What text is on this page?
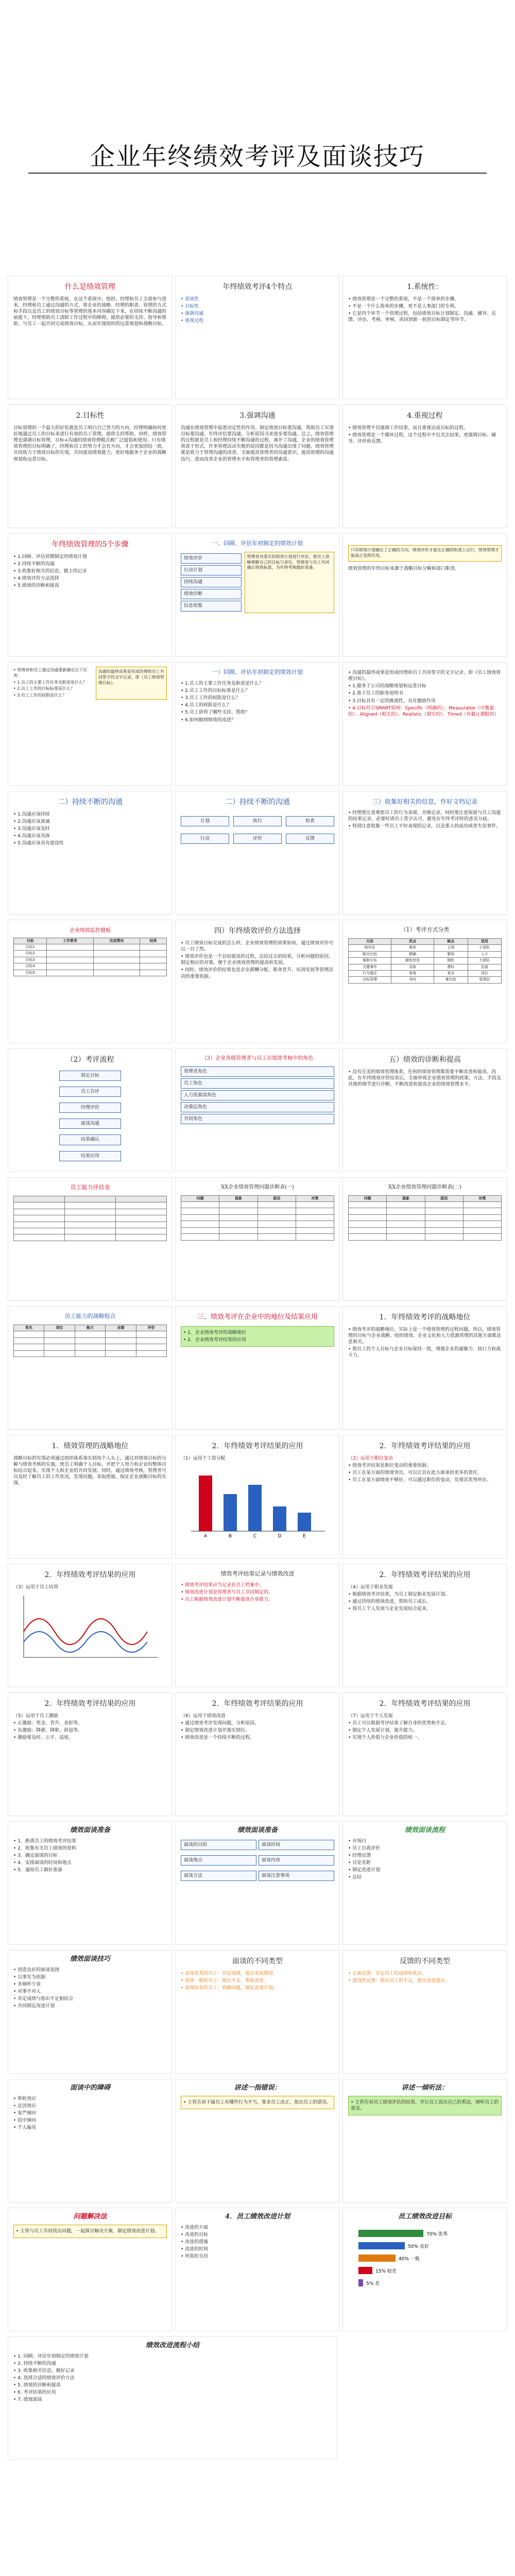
企业年终绩效考评及面谈技巧
什么是绩效管理
绩效管理是一个完整的系统，在这个系统中，组织、经理和员工全部参与进来，经理和员工通过沟通的方式，将企业的战略、经理的职责、管理的方式和手段以及员工的绩效目标等管理的基本内容确定下来，在持续不断沟通的前提下，经理帮助员工清除工作过程中的障碍，提供必要的支持、指导和帮助，与员工一起共同完成绩效目标，从而实现组织的远景规划和战略目标。
年终绩效考评4个特点
• 系统性
• 目标性
• 强调沟通
• 重视过程
1.系统性：
• 绩效管理是一个完整的系统，不是一个简单的步骤。
• 不是一个什么简单的步骤，更不是人事部门的专利。
• 它是四个环节一个管理过程，包括绩效目标计划制定、沟通、辅导、反馈、评估、考核、审核、再回到新一轮的目标制定等环节。
2.目标性
目标管理的一个最大的好处就是员工明白自己努力的方向，经理明确如何更好地通过员工的目标来进行有效的员工管理，提供支持帮助。同样，绩效管理也强调目标管理，目标+沟通的绩效管理模式被广泛提倡和使用。只有绩效管理的目标明确了，经理和员工的努力才会有方向，才会更加团结一致，共同致力于绩效目标的实现，共同提高绩效能力，更好地服务于企业的战略规划和远景目标。
3.强调沟通
沟通在绩效管理中起着决定性的作用。制定绩效目标要沟通，帮助员工实现目标要沟通，年终评估要沟通，分析原因寻求进步要沟通。总之，绩效管理的过程就是员工和经理持续不断沟通的过程。离开了沟通，企业的绩效管理将流于形式。许多管理活动失败的原因都是因为沟通出现了问题。绩效管理就是致力于管理沟通的改善，全面提高管理者的沟通意识，提高管理的沟通技巧，进而改善企业的管理水平和管理者的管理素质。
4.重视过程
• 绩效管理不仅强调工作结果，而且重视达成目标的过程。
• 绩效管理是一个循环过程，这个过程中不仅关注结果，更强调目标、辅导、评价和反馈。
年终绩效管理的5个步骤
• 1.回顾、评估初期制定的绩效计划
• 2.持续不断的沟通
• 3.收集好相关的信息、做主的记录
• 4.绩效评价方法选择
• 5.绩效的诊断和提高
一、回顾、评估年初制定的绩效计划
绩效评价
行动计划
持续沟通
绩效诊断
信息收集
管理者对落实的绩效计划进行评估，使员工清晰理解自己的目标与责任，管理者与员工共同确认绩效标准，为年终考核做好准备。
只有绩效计划确定了正确的方向，绩效评价才能在正确的轨道上运行，绩效管理才能真正发挥作用。
绩效管理的年终目标来源于战略目标分解和部门职责。
• 管理者和员工通过沟通重新确定以下任务：
• 1.员工的主要工作任务及职责是什么？
• 2.员工工作的目标标准是什么？
• 3.员工工作的权限是什么？
沟通的最终成果是形成经理和员工共同签字的文字记录，即《员工绩效管理目标》。
一）回顾、评估年初制定的绩效计划
• 1.员工的主要工作任务及职责是什么？
• 2.员工工作的目标标准是什么？
• 3.员工工作的权限是什么？
• 4.员工的权限是什么？
• 5.员工获得了哪些支持、帮助？
• 6.如何做到绩效的改进？
• 沟通的最终成果是形成经理和员工共同签字的文字记录，即《员工绩效管理目标》。
• 1.服务于公司的战略规划和远景目标
• 2.基于员工的职务说明书
• 3.目标具有一定的挑战性，具有激励作用
• 4.目标符合SMART原则：Specific（明确的）、Measurable（可衡量的）、Aligned（相关的）、Realistic（现实的）、Timed（有截止期限的）
二）持续不断的沟通
• 1.沟通应该持续
• 2.沟通应该真诚
• 3.沟通应该及时
• 4.沟通应该具体
• 5.沟通应该具有建设性
二）持续不断的沟通
计划	执行	检查
行动	评价	反馈
三）收集好相关的信息，作好文档记录
• 经理要注意观察员工的行为表现，并做记录，同时要注意保留与员工沟通的结果记录，必要时请员工签字认可，避免在年终考评时的意见分歧。
• 特别注意收集一些员工平时表现的记录，以及重大的成功或者失误事件。
企业绩效监控模板
目标	工作要求	完成情况	结果
目标1			
目标2			
目标3			
目标4			
目标5			
四）年终绩效评价方法选择
• 员工绩效目标完成的怎么样，企业绩效管理的效果如何，通过绩效评价可以一目了然。
• 绩效评价也是一个总结提高的过程，总结过去的结果，分析问题的原因，制定相应的对策，便于企业绩效管理的提高和发展。
• 同时，绩效评价的结果也是企业薪酬分配、职务晋升、培训发展等管理活动的重要依据。
（1）考评方式分类
方法	优点	缺点	适用
排序法	简单	主观	小团队
配对比较	精确	繁琐	人少
强制分布	避免宽容	刚性	大团队
关键事件	具体	费时	发展
行为锚定	客观	复杂	岗位
目标管理	导向	难比较	管理层
（2）考评流程
制定目标
员工自评
经理评价
面谈沟通
结果确认
结果应用
（3）企业各级管理者与员工在绩效考核中的角色
管理者角色
员工角色
人力资源部角色
决策层角色
共同角色
五）绩效的诊断和提高
• 没有完美的绩效管理体系，任何的绩效管理都需要不断改善和提高。因此，在年终绩效评价结束后，全面审视企业绩效管理的政策、方法、手段及其他的细节进行诊断，不断改进和提高企业的绩效管理水平。
员工能力评估表

			XX企业绩效管理问题诊断表(一)
问题	现象	原因	对策

XX企业绩效管理问题诊断表(二)
问题	现象	原因	对策

员工能力的战略组合
姓名	岗位	能力	业绩	评价

三、绩效考评在企业中的地位及结果应用
• 1．企业绩效考评的战略地位
• 2．企业绩效考评结果的应用
1．年终绩效考评的战略地位
• 绩效考评的战略地位，实际上是一个绩效管理的过程问题，所以，绩效管理的目标与企业战略、组织绩效、企业文化和人力资源管理的其他方面都息息相关。
• 使员工的个人目标与企业目标保持一致，增强企业的凝聚力、执行力和战斗力。
1．绩效管理的战略地位
战略目标的实现必须通过组织体系落实到每个人头上，通过对绩效目标的分解与绩效考核的实施，使员工明确个人目标，并把个人努力和企业的整体目标结合起来，实现个人和企业的共同发展。同时，通过绩效考核，管理者可以及时了解员工的工作状况，发现问题，采取措施，保证企业战略目标的实现。
2．年终绩效考评结果的应用
（1）运用于工资分配
A	B	C	D	E
2．年终绩效考评结果的应用
（2）运用于职位变动
• 绩效考评结果是职位变动的重要依据。
• 员工在某方面的绩效突出，可以让其在此方面承担更多的责任。
• 员工在某方面绩效不够好，可以通过职位的变动，发现其优势所在。
2．年终绩效考评结果的应用
（3）运用于员工培训
绩效考评结果记录与绩效改进
• 绩效考评结果应当记录在员工档案中。
• 绩效改进计划是管理者与员工共同制定的。
• 员工根据绩效改进计划不断提高自身能力。
2．年终绩效考评结果的应用
（4）运用于职业发展
• 根据绩效考评结果，为员工制定职业发展计划。
• 通过持续的绩效改进，帮助员工成长。
• 将员工个人发展与企业发展结合起来。
2．年终绩效考评结果的应用
（5）运用于员工激励
• 正激励：奖金、晋升、表彰等。
• 负激励：降薪、降职、辞退等。
• 激励要及时、公平、适度。
2．年终绩效考评结果的应用
（6）运用于绩效改进
• 通过绩效考评发现问题，分析原因。
• 制定绩效改进计划并落实到位。
• 绩效改进是一个持续不断的过程。
2．年终绩效考评结果的应用
（7）运用于个人发展
• 员工可以根据考评结果了解自身的优势和不足。
• 制定个人发展计划，提升能力。
• 实现个人价值与企业价值的统一。
绩效面谈准备
• 1．熟悉员工的绩效考评结果
• 2．收集有关员工绩效的资料
• 3．确定面谈的目标
• 4．安排面谈的时间和地点
• 5．通知员工做好准备
绩效面谈准备
面谈的目的	面谈时间
面谈地点	面谈内容
面谈方法	面谈注意事项
绩效面谈流程
• 开场白
• 员工自我评价
• 经理反馈
• 讨论差距
• 制定改进计划
• 总结
绩效面谈技巧
• 创造良好的面谈氛围
• 以事实为依据
• 多倾听少说
• 对事不对人
• 肯定成绩与指出不足相结合
• 共同制定改进计划
面谈的不同类型
• 表现优秀的员工：肯定成绩，提出更高期望。
• 表现一般的员工：指出不足，帮助改进。
• 表现较差的员工：明确问题，制定改进计划。
反馈的不同类型
• 正面反馈：肯定员工的成绩和优点。
• 建设性反馈：指出员工的不足，提出改进建议。
面谈中的障碍
• 晕轮效应
• 近因效应
• 宽严倾向
• 趋中倾向
• 个人偏见
讲述一指错误：
• 主管告诉下属员工有哪些行为不当，要求员工改正，指出员工的错误。
讲述一倾听法：
• 主管告诉员工绩效评估的结果，并让员工说出自己的看法，倾听员工的意见。
问题解决法
• 主管与员工共同找出问题，一起探讨解决方案，制定绩效改进计划。
4．员工绩效改进计划
• 改进的方面
• 改进的目标
• 改进的措施
• 改进的时间
• 所需的支持
员工绩效改进目标
70% 优秀
50% 良好
40% 一般
15% 较差
5% 差
绩效改进流程小结
• 1. 回顾、评估年初制定的绩效计划
• 2. 持续不断的沟通
• 3. 收集相关信息，做好记录
• 4. 选择合适的绩效评价方法
• 5. 绩效的诊断和提高
• 6. 考评结果的应用
• 7. 绩效面谈
